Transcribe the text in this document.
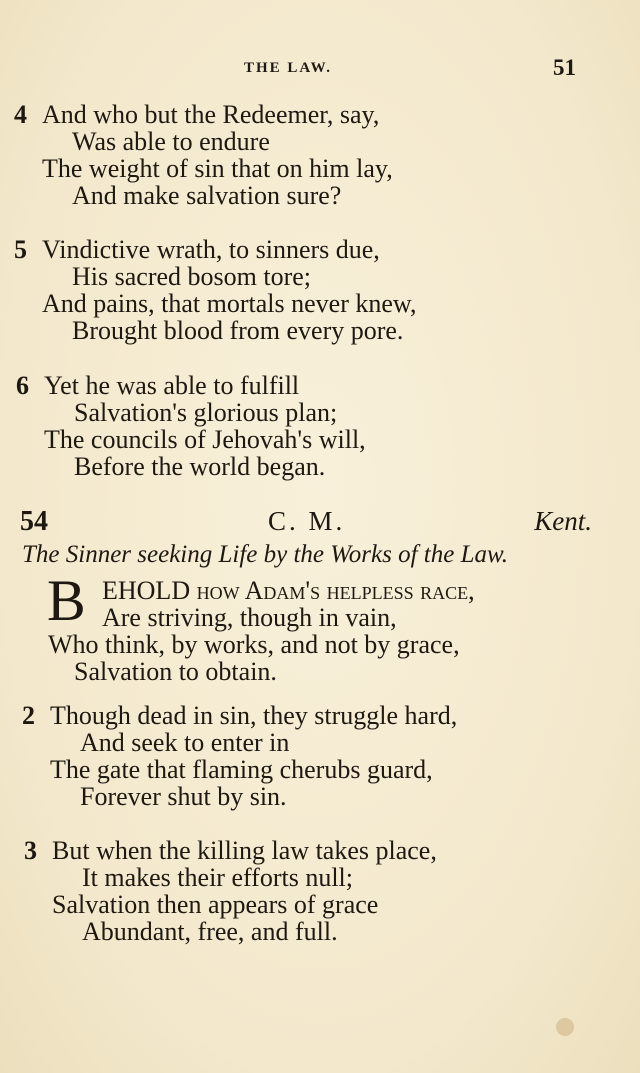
THE LAW.	51
4 And who but the Redeemer, say,
Was able to endure
The weight of sin that on him lay,
And make salvation sure?
5 Vindictive wrath, to sinners due,
His sacred bosom tore;
And pains, that mortals never knew,
Brought blood from every pore.
6 Yet he was able to fulfill
Salvation's glorious plan;
The councils of Jehovah's will,
Before the world began.
54	C. M.	Kent.
The Sinner seeking Life by the Works of the Law.
B EHOLD how Adam's helpless race,
Are striving, though in vain,
Who think, by works, and not by grace,
Salvation to obtain.
2 Though dead in sin, they struggle hard,
And seek to enter in
The gate that flaming cherubs guard,
Forever shut by sin.
3 But when the killing law takes place,
It makes their efforts null;
Salvation then appears of grace
Abundant, free, and full.
